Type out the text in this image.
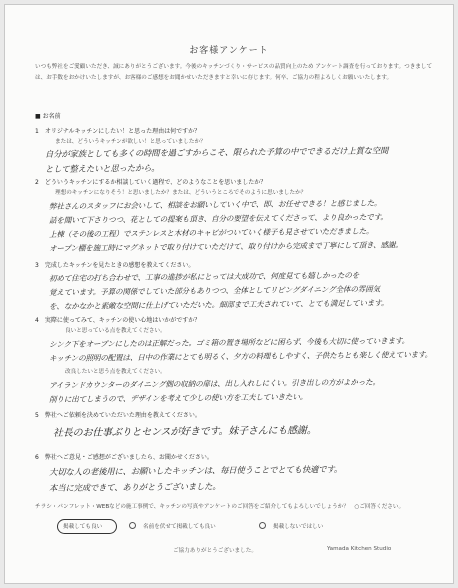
お客様アンケート
いつも弊社をご愛顧いただき、誠にありがとうございます。今後のキッチンづくり・サービスの品質向上のため アンケート調査を行っております。つきましては、お手数をおかけいたしますが、お客様のご感想をお聞かせいただきますと幸いに存じます。何卒、ご協力の程よろしくお願いいたします。
■ お名前
1　オリジナルキッチンにしたい！と思った理由は何ですか？
または、どういうキッチンが欲しい！と思っていましたか？
自分が家族としても多くの時間を過ごすからこそ、限られた予算の中でできるだけ上質な空間
として整えたいと思ったから。
2　どういうキッチンにするか相談していく過程で、どのようなことを思いましたか？
理想のキッチンになりそう！と思いましたか？または、どういうところでそのように思いましたか？
弊社さんのスタッフにお会いして、相談をお願いしていく中で、即、お任せできる！と感じました。
話を聞いて下さりつつ、花としての提案も頂き、自分の要望を伝えてくださって、より良かったです。
上棟（その後の工程）でステンレスと木材のキャビがついていく様子も見させていただきました。
オープン棚を施工時にマグネットで取り付けていただけて、取り付けから完成まで丁寧にして頂き、感謝。
3　完成したキッチンを見たときの感想を教えてください。
初めて住宅の打ち合わせで、工事の進捗が私にとっては大成功で、何度見ても嬉しかったのを
覚えています。予算の関係でしていた部分もありつつ、全体としてリビングダイニング全体の雰囲気
を、なかなかと素敵な空間に仕上げていただいた。細部まで工夫されていて、とても満足しています。
4　実際に使ってみて、キッチンの使い心地はいかがですか？
良いと思っている点を教えてください。
シンク下をオープンにしたのは正解だった。ゴミ箱の置き場所などに困らず、今後も大切に使っていきます。
キッチンの照明の配置は、日中の作業にとても明るく、夕方の料理もしやすく、子供たちとも楽しく使えています。
改良したいと思う点を教えてください。
アイランドカウンターのダイニング側の収納の扉は、出し入れしにくい。引き出しの方がよかった。
削りに出てしまうので、デザインを考えて少しの使い方を工夫していきたい。
5　弊社へご依頼を決めていただいた理由を教えてください。
社長のお仕事ぶりとセンスが好きです。妹子さんにも感謝。
6　弊社へご意見・ご感想がございましたら、お聞かせください。
大切な人の老後用に、お願いしたキッチンは、毎日使うことでとても快適です。
本当に完成できて、ありがとうございました。
チラシ・パンフレット・WEBなどの施工事例で、キッチンの写真やアンケートのご回答をご紹介してもよろしいでしょうか？　○ご回答ください。
掲載しても良い	名前を伏せて掲載しても良い	掲載しないではしい
ご協力ありがとうございました。	Yamada Kitchen Studio
